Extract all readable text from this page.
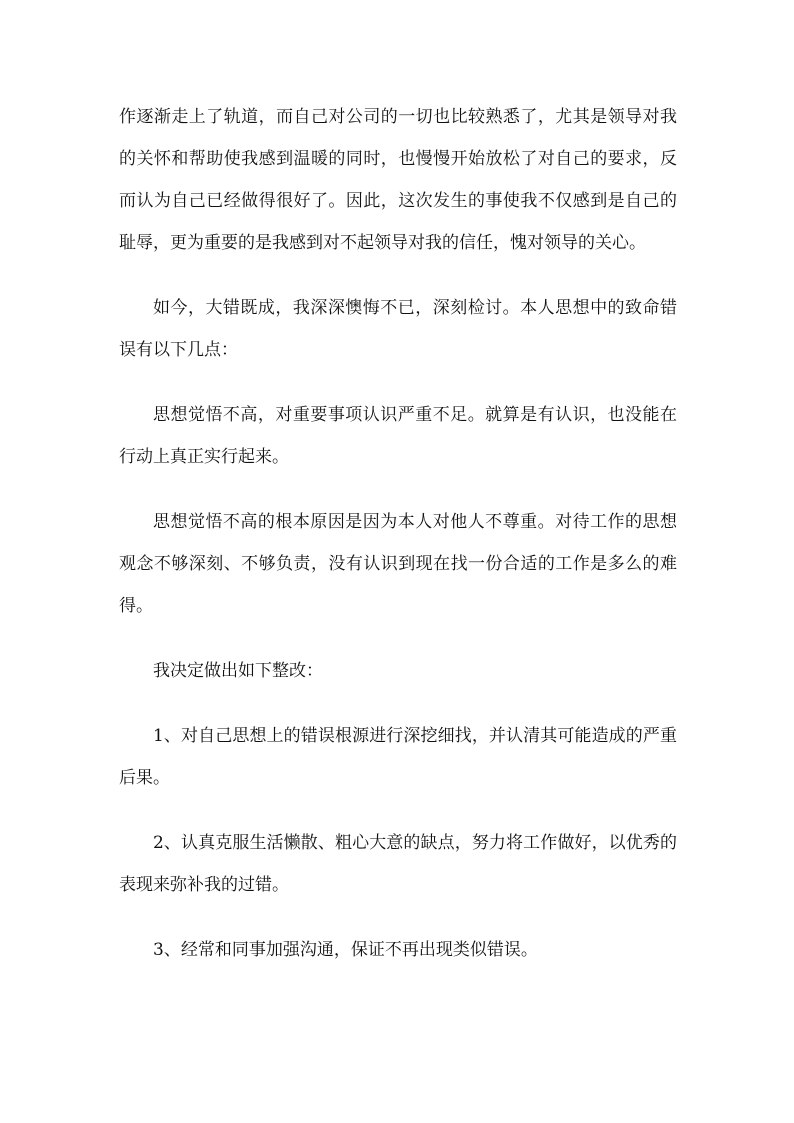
作逐渐走上了轨道，而自己对公司的一切也比较熟悉了，尤其是领导对我的关怀和帮助使我感到温暖的同时，也慢慢开始放松了对自己的要求，反而认为自己已经做得很好了。因此，这次发生的事使我不仅感到是自己的耻辱，更为重要的是我感到对不起领导对我的信任，愧对领导的关心。

如今，大错既成，我深深懊悔不已，深刻检讨。本人思想中的致命错误有以下几点：

思想觉悟不高，对重要事项认识严重不足。就算是有认识，也没能在行动上真正实行起来。

思想觉悟不高的根本原因是因为本人对他人不尊重。对待工作的思想观念不够深刻、不够负责，没有认识到现在找一份合适的工作是多么的难得。

我决定做出如下整改：

1、对自己思想上的错误根源进行深挖细找，并认清其可能造成的严重后果。

2、认真克服生活懒散、粗心大意的缺点，努力将工作做好，以优秀的表现来弥补我的过错。

3、经常和同事加强沟通，保证不再出现类似错误。
